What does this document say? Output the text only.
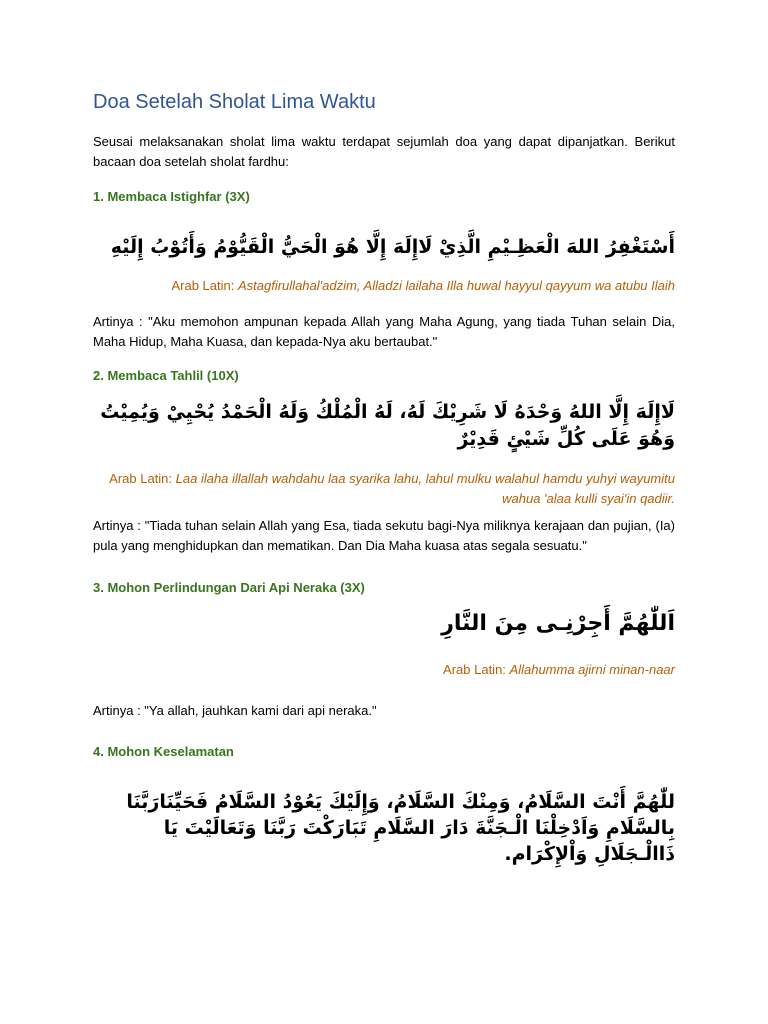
Doa Setelah Sholat Lima Waktu

Seusai melaksanakan sholat lima waktu terdapat sejumlah doa yang dapat dipanjatkan. Berikut bacaan doa setelah sholat fardhu:

1. Membaca Istighfar (3X)

أَسْتَغْفِرُ اللهَ الْعَظِـيْمِ الَّذِيْ لَاإِلَهَ إِلَّا هُوَ الْحَيُّ الْقَيُّوْمُ وَأَتُوْبُ إِلَيْهِ

Arab Latin: Astagfirullahal'adzim, Alladzi lailaha Illa huwal hayyul qayyum wa atubu Ilaih

Artinya : "Aku memohon ampunan kepada Allah yang Maha Agung, yang tiada Tuhan selain Dia, Maha Hidup, Maha Kuasa, dan kepada-Nya aku bertaubat."

2. Membaca Tahlil (10X)

لَاإِلَهَ إِلَّا اللهُ وَحْدَهُ لَا شَرِيْكَ لَهُ، لَهُ الْمُلْكُ وَلَهُ الْحَمْدُ يُحْيِيْ وَيُمِيْتُ وَهُوَ عَلَى كُلِّ شَيْئٍ قَدِيْرٌ

Arab Latin: Laa ilaha illallah wahdahu laa syarika lahu, lahul mulku walahul hamdu yuhyi wayumitu wahua 'alaa kulli syai'in qadiir.

Artinya : "Tiada tuhan selain Allah yang Esa, tiada sekutu bagi-Nya miliknya kerajaan dan pujian, (Ia) pula yang menghidupkan dan mematikan. Dan Dia Maha kuasa atas segala sesuatu."

3. Mohon Perlindungan Dari Api Neraka (3X)

اَللّٰهُمَّ أَجِرْنِـى مِنَ النَّارِ

Arab Latin: Allahumma ajirni minan-naar

Artinya : "Ya allah, jauhkan kami dari api neraka."

4. Mohon Keselamatan

للّٰهُمَّ أَنْتَ السَّلَامُ، وَمِنْكَ السَّلَامُ، وَإِلَيْكَ يَعُوْدُ السَّلَامُ فَحَيِّنَارَبَّنَا بِالسَّلَامِ وَاَدْخِلْنَا الْـجَنَّةَ دَارَ السَّلَامِ تَبَارَكْتَ رَبَّنَا وَتَعَالَيْتَ يَا ذَاالْـجَلَالِ وَاْلإِكْرَام.
